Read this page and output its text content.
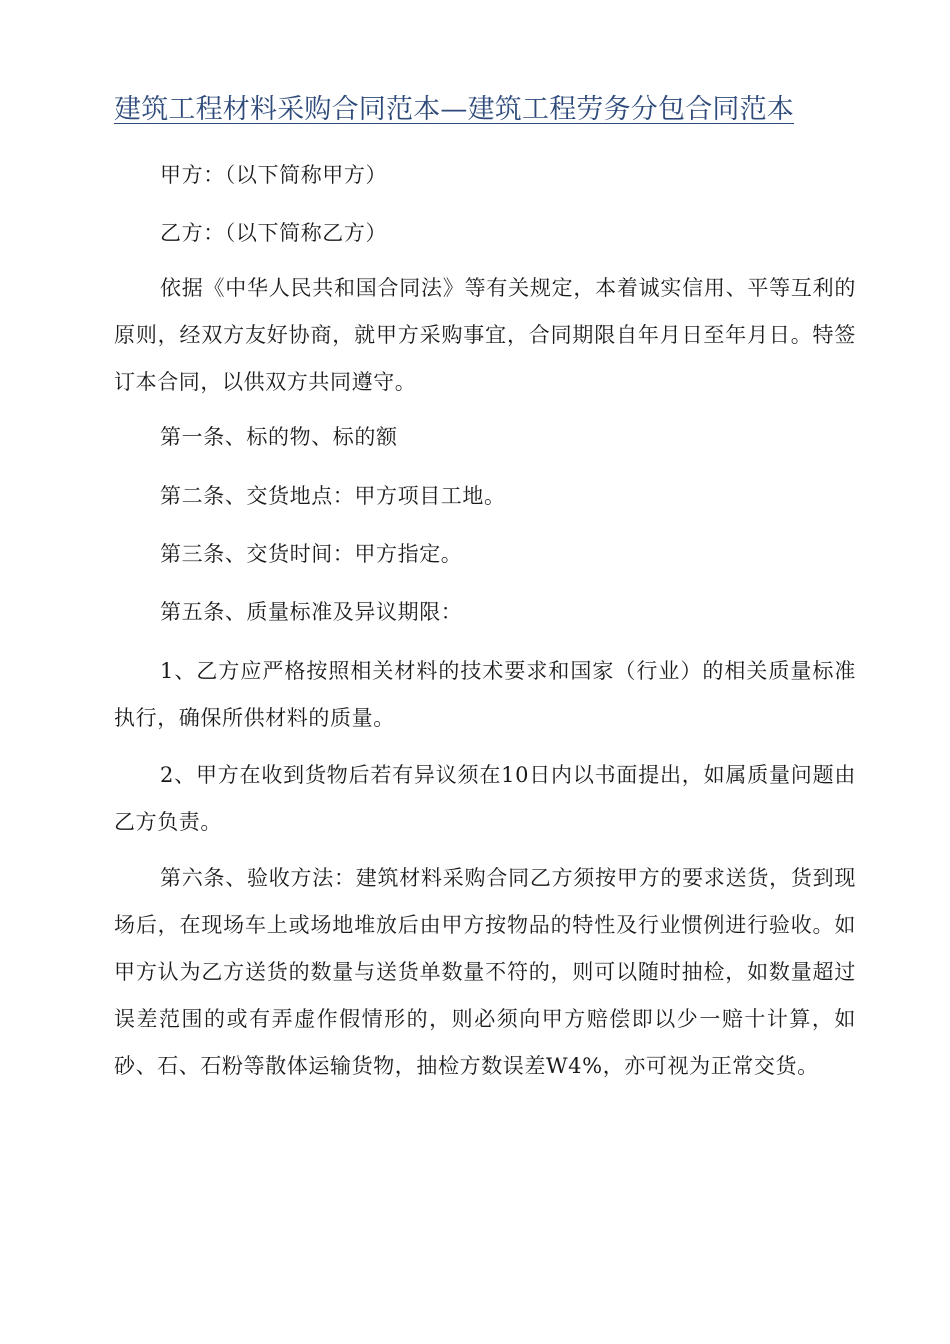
建筑工程材料采购合同范本—建筑工程劳务分包合同范本

甲方：（以下简称甲方）

乙方：（以下简称乙方）

依据《中华人民共和国合同法》等有关规定，本着诚实信用、平等互利的原则，经双方友好协商，就甲方采购事宜，合同期限自年月日至年月日。特签订本合同，以供双方共同遵守。

第一条、标的物、标的额

第二条、交货地点：甲方项目工地。

第三条、交货时间：甲方指定。

第五条、质量标准及异议期限：

1、乙方应严格按照相关材料的技术要求和国家（行业）的相关质量标准执行，确保所供材料的质量。

2、甲方在收到货物后若有异议须在10日内以书面提出，如属质量问题由乙方负责。

第六条、验收方法：建筑材料采购合同乙方须按甲方的要求送货，货到现场后，在现场车上或场地堆放后由甲方按物品的特性及行业惯例进行验收。如甲方认为乙方送货的数量与送货单数量不符的，则可以随时抽检，如数量超过误差范围的或有弄虚作假情形的，则必须向甲方赔偿即以少一赔十计算，如砂、石、石粉等散体运输货物，抽检方数误差W4%，亦可视为正常交货。
